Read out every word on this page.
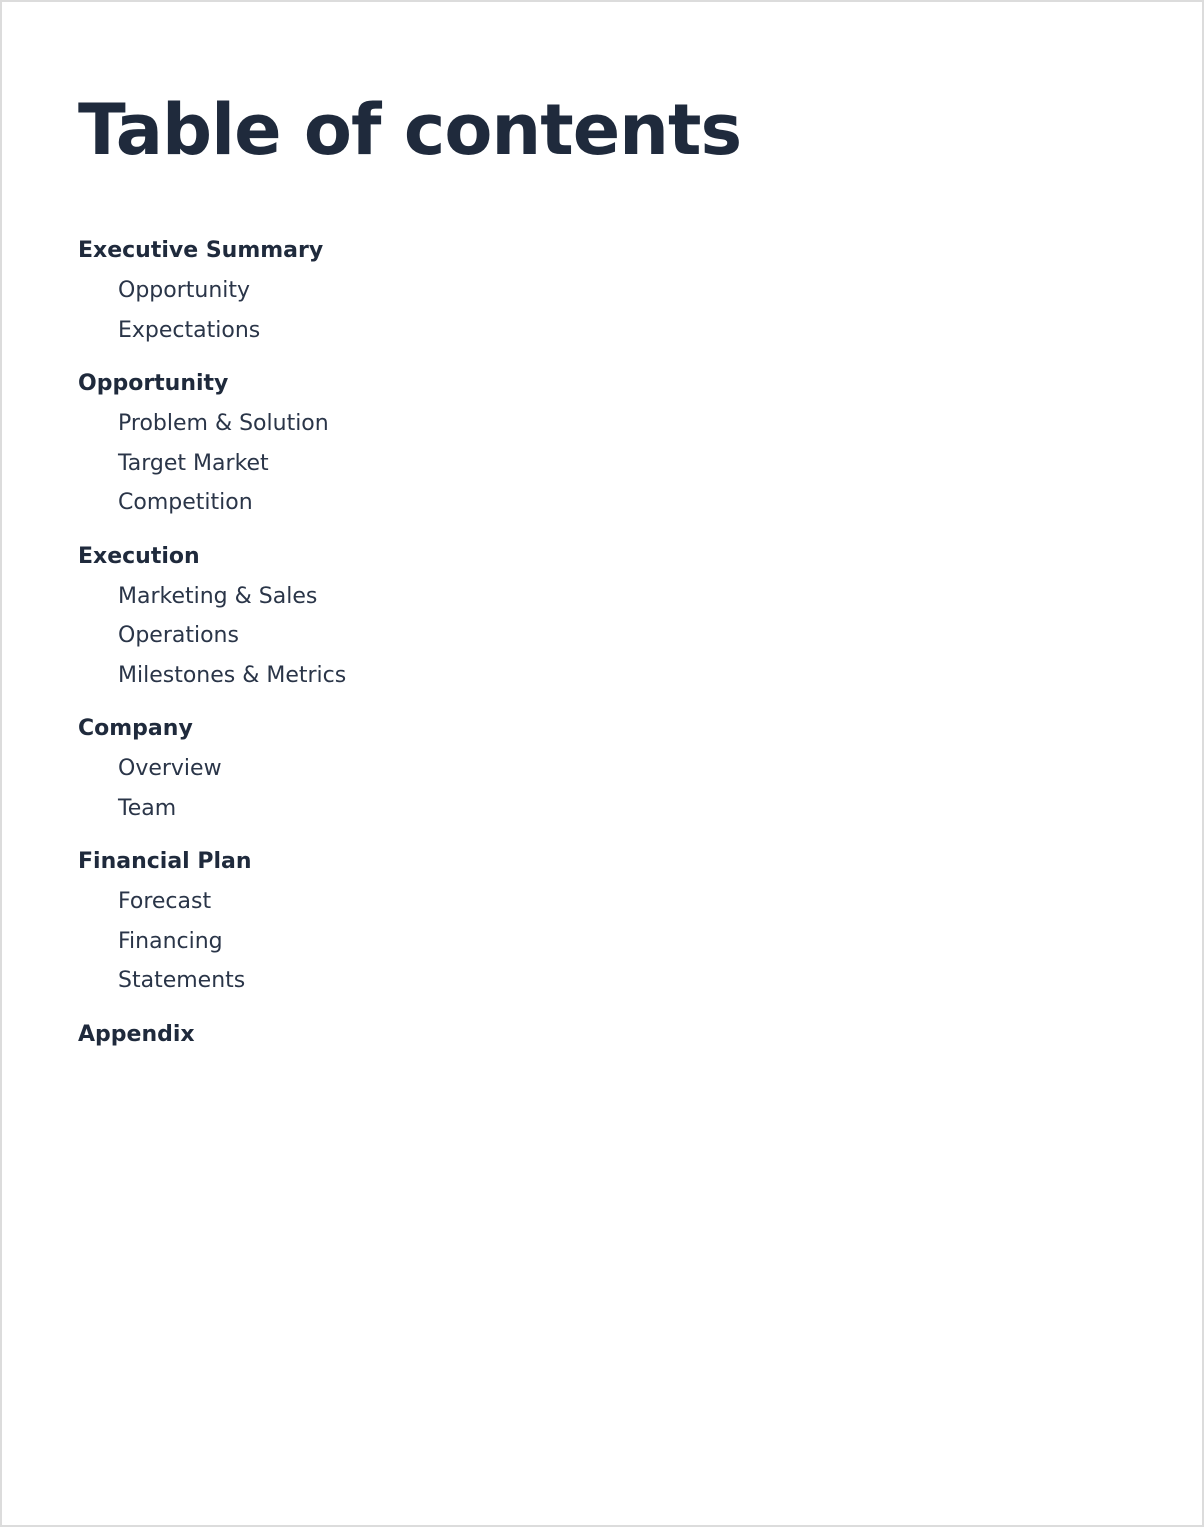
Table of contents
Executive Summary
Opportunity
Expectations
Opportunity
Problem & Solution
Target Market
Competition
Execution
Marketing & Sales
Operations
Milestones & Metrics
Company
Overview
Team
Financial Plan
Forecast
Financing
Statements
Appendix
